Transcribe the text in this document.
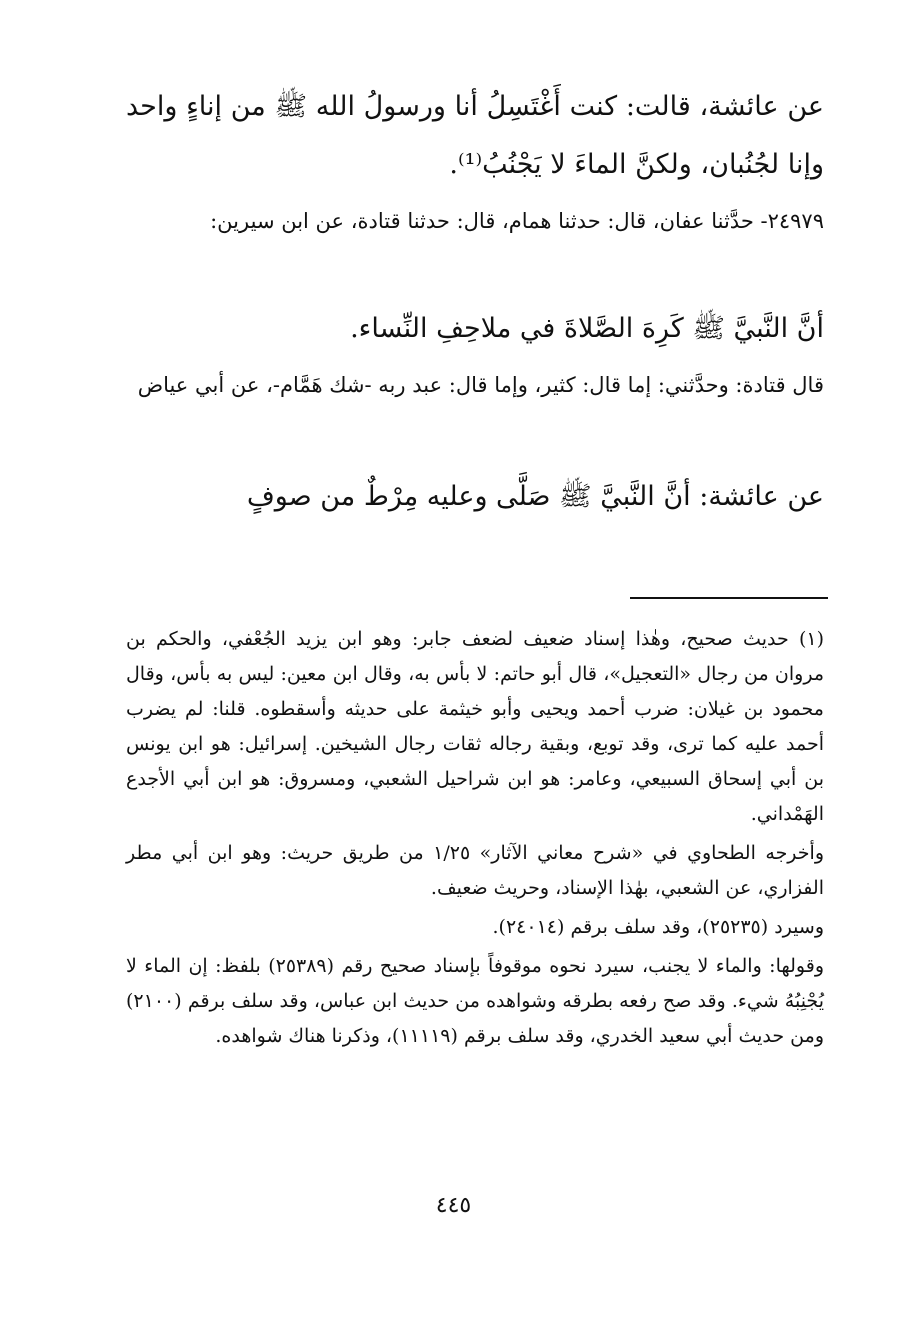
عن عائشة، قالت: كنت أَغْتَسِلُ أنا ورسولُ الله ﷺ من إناءٍ واحد وإنا لجُنُبان، ولكنَّ الماءَ لا يَجْنُبُ⁽¹⁾.
٢٤٩٧٩- حدَّثنا عفان، قال: حدثنا همام، قال: حدثنا قتادة، عن ابن سيرين:
أنَّ النَّبيَّ ﷺ كَرِهَ الصَّلاةَ في ملاحِفِ النِّساء.
قال قتادة: وحدَّثني: إما قال: كثير، وإما قال: عبد ربه -شك هَمَّام-، عن أبي عياض
عن عائشة: أنَّ النَّبيَّ ﷺ صَلَّى وعليه مِرْطٌ من صوفٍ

(١) حديث صحيح، وهٰذا إسناد ضعيف لضعف جابر: وهو ابن يزيد الجُعْفي، والحكم بن مروان من رجال «التعجيل»، قال أبو حاتم: لا بأس به، وقال ابن معين: ليس به بأس، وقال محمود بن غيلان: ضرب أحمد ويحيى وأبو خيثمة على حديثه وأسقطوه. قلنا: لم يضرب أحمد عليه كما ترى، وقد توبع، وبقية رجاله ثقات رجال الشيخين. إسرائيل: هو ابن يونس بن أبي إسحاق السبيعي، وعامر: هو ابن شراحيل الشعبي، ومسروق: هو ابن أبي الأجدع الهَمْداني.

وأخرجه الطحاوي في «شرح معاني الآثار» ١/٢٥ من طريق حريث: وهو ابن أبي مطر الفزاري، عن الشعبي، بهٰذا الإسناد، وحريث ضعيف.

وسيرد (٢٥٢٣٥)، وقد سلف برقم (٢٤٠١٤).

وقولها: والماء لا يجنب، سيرد نحوه موقوفاً بإسناد صحيح رقم (٢٥٣٨٩) بلفظ: إن الماء لا يُجْنِبُهُ شيء. وقد صح رفعه بطرقه وشواهده من حديث ابن عباس، وقد سلف برقم (٢١٠٠) ومن حديث أبي سعيد الخدري، وقد سلف برقم (١١١١٩)، وذكرنا هناك شواهده.

٤٤٥
